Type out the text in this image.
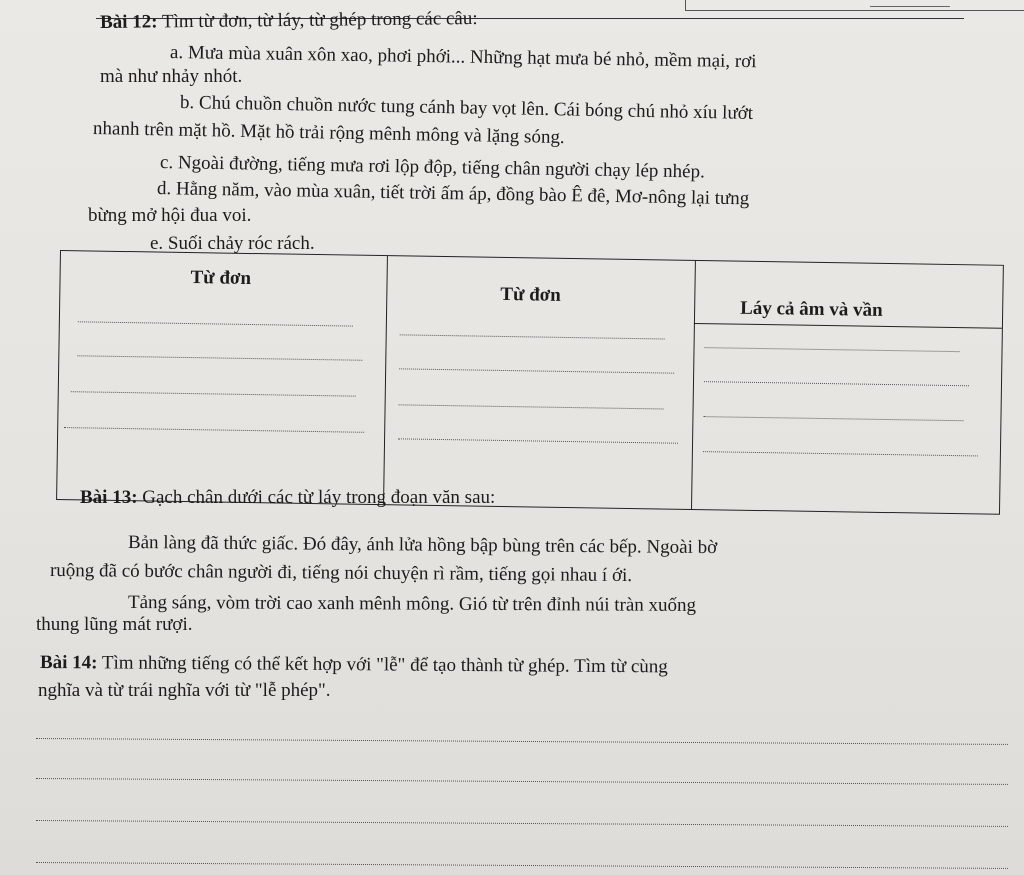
Bài 12: Tìm từ đơn, từ láy, từ ghép trong các câu:
a. Mưa mùa xuân xôn xao, phơi phới... Những hạt mưa bé nhỏ, mềm mại, rơi
mà như nhảy nhót.
b. Chú chuồn chuồn nước tung cánh bay vọt lên. Cái bóng chú nhỏ xíu lướt
nhanh trên mặt hồ. Mặt hồ trải rộng mênh mông và lặng sóng.
c. Ngoài đường, tiếng mưa rơi lộp độp, tiếng chân người chạy lép nhép.
d. Hằng năm, vào mùa xuân, tiết trời ấm áp, đồng bào Ê đê, Mơ-nông lại tưng
bừng mở hội đua voi.
e. Suối chảy róc rách.
Từ đơn
Từ đơn
Láy cả âm và vần
Bài 13: Gạch chân dưới các từ láy trong đoạn văn sau:
Bản làng đã thức giấc. Đó đây, ánh lửa hồng bập bùng trên các bếp. Ngoài bờ
ruộng đã có bước chân người đi, tiếng nói chuyện rì rầm, tiếng gọi nhau í ới.
Tảng sáng, vòm trời cao xanh mênh mông. Gió từ trên đỉnh núi tràn xuống
thung lũng mát rượi.
Bài 14: Tìm những tiếng có thể kết hợp với "lễ" để tạo thành từ ghép. Tìm từ cùng
nghĩa và từ trái nghĩa với từ "lễ phép".
